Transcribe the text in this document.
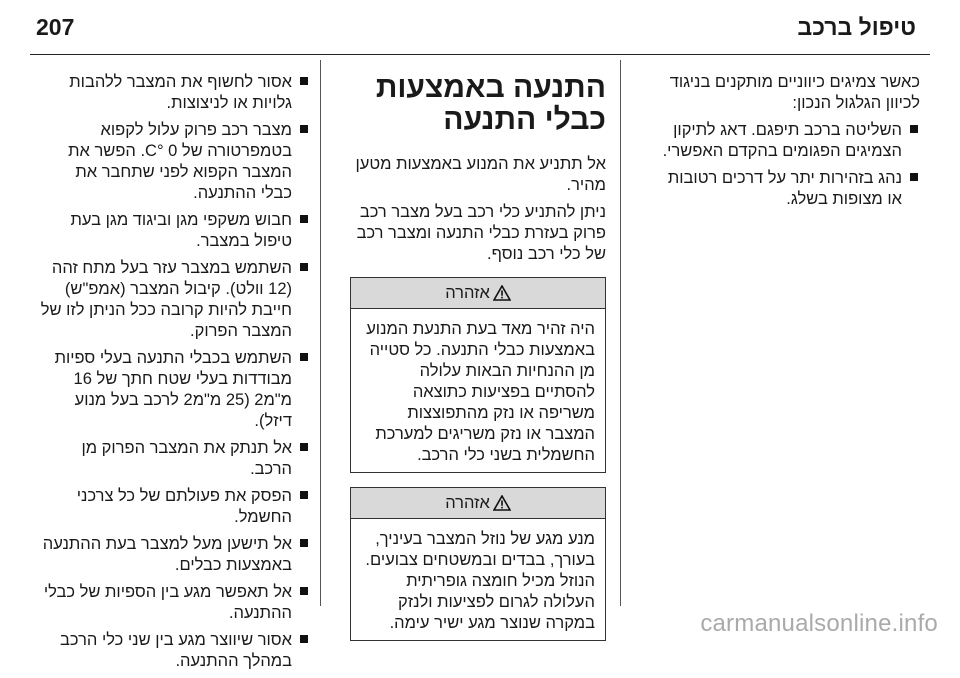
207	טיפול ברכב

כאשר צמיגים כיווניים מותקנים בניגוד לכיוון הגלגול הנכון:

השליטה ברכב תיפגם. דאג לתיקון הצמיגים הפגומים בהקדם האפשרי.
נהג בזהירות יתר על דרכים רטובות או מצופות בשלג.
התנעה באמצעות כבלי התנעה

אל תתניע את המנוע באמצעות מטען מהיר.

ניתן להתניע כלי רכב בעל מצבר רכב פרוק בעזרת כבלי התנעה ומצבר רכב של כלי רכב נוסף.

אזהרה
היה זהיר מאד בעת התנעת המנוע באמצעות כבלי התנעה. כל סטייה מן ההנחיות הבאות עלולה להסתיים בפציעות כתוצאה משריפה או נזק מהתפוצצות המצבר או נזק משריגים למערכת החשמלית בשני כלי הרכב.
אזהרה
מנע מגע של נוזל המצבר בעיניך, בעורך, בבדים ובמשטחים צבועים. הנוזל מכיל חומצה גופריתית העלולה לגרום לפציעות ולנזק במקרה שנוצר מגע ישיר עימה.
אסור לחשוף את המצבר ללהבות גלויות או לניצוצות.
מצבר רכב פרוק עלול לקפוא בטמפרטורה של 0 °C. הפשר את המצבר הקפוא לפני שתחבר את כבלי ההתנעה.
חבוש משקפי מגן וביגוד מגן בעת טיפול במצבר.
השתמש במצבר עזר בעל מתח זהה (12 וולט). קיבול המצבר (אמפ"ש) חייבת להיות קרובה ככל הניתן לזו של המצבר הפרוק.
השתמש בכבלי התנעה בעלי ספיות מבודדות בעלי שטח חתך של 16 מ"מ2 (25 מ"מ2 לרכב בעל מנוע דיזל).
אל תנתק את המצבר הפרוק מן הרכב.
הפסק את פעולתם של כל צרכני החשמל.
אל תישען מעל למצבר בעת ההתנעה באמצעות כבלים.
אל תאפשר מגע בין הספיות של כבלי ההתנעה.
אסור שיווצר מגע בין שני כלי הרכב במהלך ההתנעה.
carmanualsonline.info
